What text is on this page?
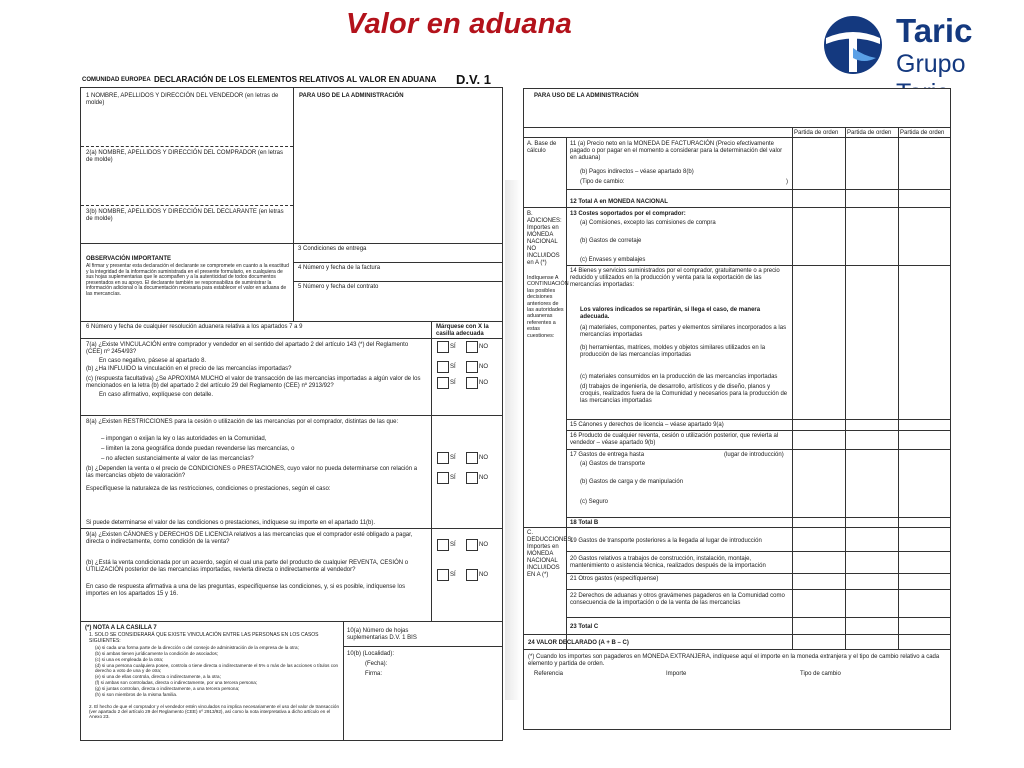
Valor en aduana	Taric
Grupo
COMUNIDAD EUROPEA DECLARACIÓN DE LOS ELEMENTOS RELATIVOS AL VALOR EN ADUANA D.V. 1
1 NOMBRE, APELLIDOS Y DIRECCIÓN DEL VENDEDOR (en letras de molde)
PARA USO DE LA ADMINISTRACIÓN
2(a) NOMBRE, APELLIDOS Y DIRECCIÓN DEL COMPRADOR (en letras de molde)
3(b) NOMBRE, APELLIDOS Y DIRECCIÓN DEL DECLARANTE (en letras de molde)
OBSERVACIÓN IMPORTANTE
Al firmar y presentar esta declaración el declarante se compromete en cuanto a la exactitud y la integridad de la información suministrada en el presente formulario, en cualquiera de sus hojas suplementarias que le acompañen y a la autenticidad de todos documentos presentados en su apoyo. El declarante también se responsabiliza de suministrar la información adicional o la documentación necesaria para establecer el valor en aduana de las mercancías.
3 Condiciones de entrega
4 Número y fecha de la factura
5 Número y fecha del contrato
6 Número y fecha de cualquier resolución aduanera relativa a los apartados 7 a 9	Márquese con X la casilla adecuada
7(a) ¿Existe VINCULACIÓN entre comprador y vendedor en el sentido del apartado 2 del artículo 143 (*) del Reglamento (CEE) nº 2454/93?
En caso negativo, pásese al apartado 8.
(b) ¿Ha INFLUIDO la vinculación en el precio de las mercancías importadas?
(c) (respuesta facultativa) ¿Se APROXIMA MUCHO el valor de transacción de las mercancías importadas a algún valor de los mencionados en la letra (b) del apartado 2 del artículo 29 del Reglamento (CEE) nº 2913/92?
En caso afirmativo, explíquese con detalle.
SÍ	NO
SÍ	NO
SÍ	NO
8(a) ¿Existen RESTRICCIONES para la cesión o utilización de las mercancías por el comprador, distintas de las que:
– impongan o exijan la ley o las autoridades en la Comunidad,
– limiten la zona geográfica donde puedan revenderse las mercancías, o
– no afecten sustancialmente al valor de las mercancías?
(b) ¿Dependen la venta o el precio de CONDICIONES o PRESTACIONES, cuyo valor no pueda determinarse con relación a las mercancías objeto de valoración?
Especifíquese la naturaleza de las restricciones, condiciones o prestaciones, según el caso:
SÍ	NO
SÍ	NO
Si puede determinarse el valor de las condiciones o prestaciones, indíquese su importe en el apartado 11(b).
9(a) ¿Existen CÁNONES y DERECHOS DE LICENCIA relativos a las mercancías que el comprador esté obligado a pagar, directa o indirectamente, como condición de la venta?
(b) ¿Está la venta condicionada por un acuerdo, según el cual una parte del producto de cualquier REVENTA, CESIÓN o UTILIZACIÓN posterior de las mercancías importadas, revierta directa o indirectamente al vendedor?
En caso de respuesta afirmativa a una de las preguntas, especifíquense las condiciones, y, si es posible, indíquense los importes en los apartados 15 y 16.
SÍ	NO
SÍ	NO
(*) NOTA A LA CASILLA 7
1. SOLO SE CONSIDERARÁ QUE EXISTE VINCULACIÓN ENTRE LAS PERSONAS EN LOS CASOS SIGUIENTES:
(a) si cada una forma parte de la dirección o del consejo de administración de la empresa de la otra;
(b) si ambas tienen jurídicamente la condición de asociados;
(c) si una es empleada de la otra;
(d) si una persona cualquiera posee, controla o tiene directa o indirectamente el 5% o más de las acciones o títulos con derecho a voto de una y de otra;
(e) si una de ellas controla, directa o indirectamente, a la otra;
(f) si ambas son controladas, directa o indirectamente, por una tercera persona;
(g) si juntas controlan, directa o indirectamente, a una tercera persona;
(h) si son miembros de la misma familia.
2. El hecho de que el comprador y el vendedor estén vinculados no implica necesariamente el uso del valor de transacción (ver apartado 2 del artículo 29 del Reglamento (CEE) nº 2913/92), así como la nota interpretativa a dicho artículo en el Anexo 23.
10(a) Número de hojas suplementarias D.V. 1 BIS
10(b) (Localidad):
(Fecha):
Firma:
PARA USO DE LA ADMINISTRACIÓN
Partida de orden Partida de orden Partida de orden
A. Base de cálculo
11 (a) Precio neto en la MONEDA DE FACTURACIÓN (Precio efectivamente pagado o por pagar en el momento a considerar para la determinación del valor en aduana)
(b) Pagos indirectos – véase apartado 8(b)
(Tipo de cambio:	)
12 Total A en MONEDA NACIONAL
B. ADICIONES: Importes en MONEDA NACIONAL NO INCLUIDOS en A (*)
Indíquense A CONTINUACIÓN las posibles decisiones anteriores de las autoridades aduaneras referentes a estas cuestiones:
13 Costes soportados por el comprador:
(a) Comisiones, excepto las comisiones de compra
(b) Gastos de corretaje
(c) Envases y embalajes
14 Bienes y servicios suministrados por el comprador, gratuitamente o a precio reducido y utilizados en la producción y venta para la exportación de las mercancías importadas:
Los valores indicados se repartirán, si llega el caso, de manera adecuada.
(a) materiales, componentes, partes y elementos similares incorporados a las mercancías importadas
(b) herramientas, matrices, moldes y objetos similares utilizados en la producción de las mercancías importadas
(c) materiales consumidos en la producción de las mercancías importadas
(d) trabajos de ingeniería, de desarrollo, artísticos y de diseño, planos y croquis, realizados fuera de la Comunidad y necesarios para la producción de las mercancías importadas
15 Cánones y derechos de licencia – véase apartado 9(a)
16 Producto de cualquier reventa, cesión o utilización posterior, que revierta al vendedor – véase apartado 9(b)
17 Gastos de entrega hasta	(lugar de introducción)
(a) Gastos de transporte
(b) Gastos de carga y de manipulación
(c) Seguro
18 Total B
C. DEDUCCIONES: Importes en MONEDA NACIONAL INCLUIDOS EN A (*)
19 Gastos de transporte posteriores a la llegada al lugar de introducción
20 Gastos relativos a trabajos de construcción, instalación, montaje, mantenimiento o asistencia técnica, realizados después de la importación
21 Otros gastos (especifíquense)
22 Derechos de aduanas y otros gravámenes pagaderos en la Comunidad como consecuencia de la importación o de la venta de las mercancías
23 Total C
24 VALOR DECLARADO (A + B – C)
(*) Cuando los importes son pagaderos en MONEDA EXTRANJERA, indíquese aquí el importe en la moneda extranjera y el tipo de cambio relativo a cada elemento y partida de orden.
Referencia	Importe	Tipo de cambio
